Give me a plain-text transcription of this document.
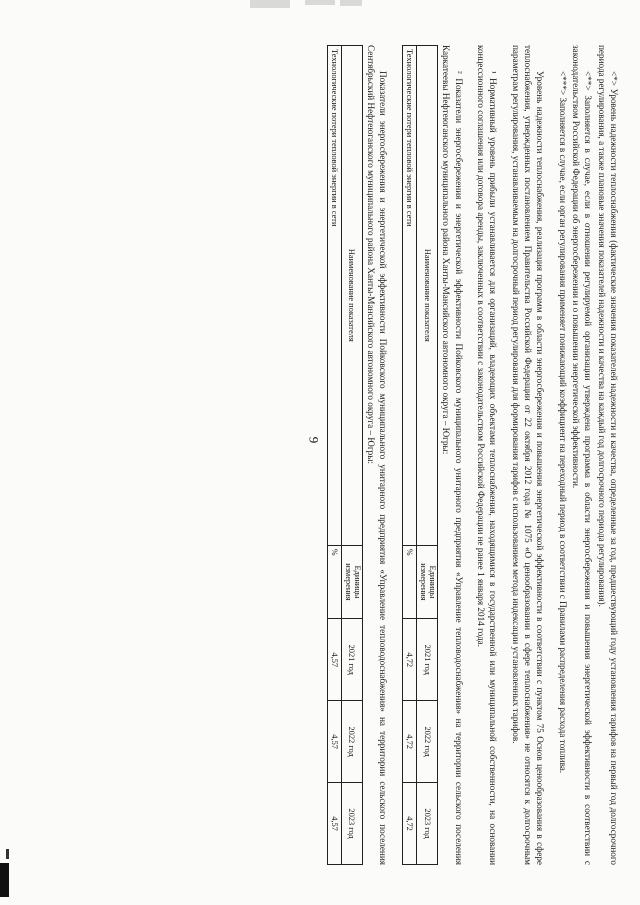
9	<*> Уровень надежности теплоснабжения (фактические значения показателей надежности и качества, определенные за год, предшествующий году установления тарифов на первый год долгосрочного периода регулирования, а также плановые значения показателей надежности и качества на каждый год долгосрочного периода регулирования).

<**> Заполняется в случае, если в отношении регулируемой организации утверждена программа в области энергосбережения и повышения энергетической эффективности в соответствии с законодательством Российской Федерации об энергосбережении и о повышении энергетической эффективности.

<***> Заполняется в случае, если орган регулирования применяет понижающий коэффициент на переходный период в соответствии с Правилами распределения расхода топлива.

Уровень надежности теплоснабжения, реализация программ в области энергосбережения и повышения энергетической эффективности в соответствии с пунктом 75 Основ ценообразования в сфере теплоснабжения, утвержденных постановлением Правительства Российской Федерации от 22 октября 2012 года № 1075 «О ценообразовании в сфере теплоснабжения» не относятся к долгосрочным параметрам регулирования, устанавливаемым на долгосрочный период регулирования для формирования тарифов с использованием метода индексации установленных тарифов.

¹ Нормативный уровень прибыли устанавливается для организаций, владеющих объектами теплоснабжения, находящимися в государственной или муниципальной собственности, на основании концессионного соглашения или договора аренды, заключенных в соответствии с законодательством Российской Федерации не ранее 1 января 2014 года.

² Показатели энергосбережения и энергетической эффективности Пойковского муниципального унитарного предприятия «Управление тепловодоснабжения» на территории сельского поселения Каркатеевы Нефтеюганского муниципального района Ханты-Мансийского автономного округа – Югры:

Наименование показателя	Единицы измерения	2021 год	2022 год	2023 год
Технологические потери тепловой энергии в сети	%	4,72	4,72	4,72

Показатели энергосбережения и энергетической эффективности Пойковского муниципального унитарного предприятия «Управление тепловодоснабжения» на территории сельского поселения Сентябрьский Нефтеюганского муниципального района Ханты-Мансийского автономного округа – Югры:

Наименование показателя	Единицы измерения	2021 год	2022 год	2023 год
Технологические потери тепловой энергии в сети	%	4,57	4,57	4,57
